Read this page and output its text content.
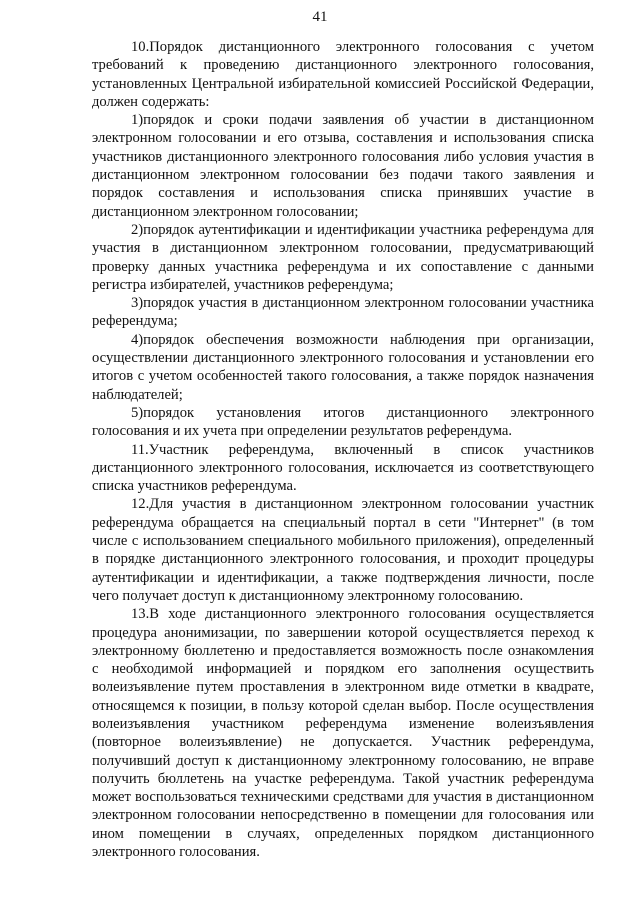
41

10.Порядок дистанционного электронного голосования с учетом требований к проведению дистанционного электронного голосования, установленных Центральной избирательной комиссией Российской Федерации, должен содержать:

1)порядок и сроки подачи заявления об участии в дистанционном электронном голосовании и его отзыва, составления и использования списка участников дистанционного электронного голосования либо условия участия в дистанционном электронном голосовании без подачи такого заявления и порядок составления и использования списка принявших участие в дистанционном электронном голосовании;

2)порядок аутентификации и идентификации участника референдума для участия в дистанционном электронном голосовании, предусматривающий проверку данных участника референдума и их сопоставление с данными регистра избирателей, участников референдума;

3)порядок участия в дистанционном электронном голосовании участника референдума;

4)порядок обеспечения возможности наблюдения при организации, осуществлении дистанционного электронного голосования и установлении его итогов с учетом особенностей такого голосования, а также порядок назначения наблюдателей;

5)порядок установления итогов дистанционного электронного голосования и их учета при определении результатов референдума.

11.Участник референдума, включенный в список участников дистанционного электронного голосования, исключается из соответствующего списка участников референдума.

12.Для участия в дистанционном электронном голосовании участник референдума обращается на специальный портал в сети "Интернет" (в том числе с использованием специального мобильного приложения), определенный в порядке дистанционного электронного голосования, и проходит процедуры аутентификации и идентификации, а также подтверждения личности, после чего получает доступ к дистанционному электронному голосованию.

13.В ходе дистанционного электронного голосования осуществляется процедура анонимизации, по завершении которой осуществляется переход к электронному бюллетеню и предоставляется возможность после ознакомления с необходимой информацией и порядком его заполнения осуществить волеизъявление путем проставления в электронном виде отметки в квадрате, относящемся к позиции, в пользу которой сделан выбор. После осуществления волеизъявления участником референдума изменение волеизъявления (повторное волеизъявление) не допускается. Участник референдума, получивший доступ к дистанционному электронному голосованию, не вправе получить бюллетень на участке референдума. Такой участник референдума может воспользоваться техническими средствами для участия в дистанционном электронном голосовании непосредственно в помещении для голосования или ином помещении в случаях, определенных порядком дистанционного электронного голосования.
